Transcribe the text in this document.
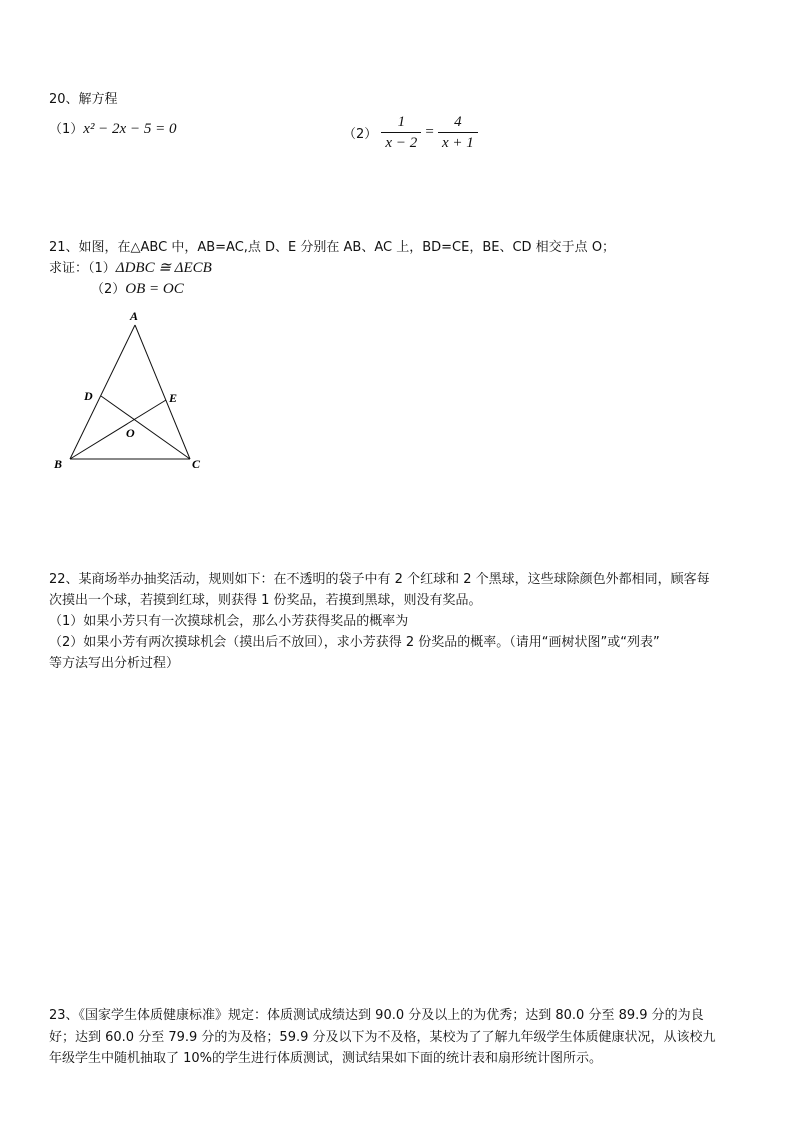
20、解方程
（1）x² − 2x − 5 = 0	$(2) \frac{1}{x - 2} = \frac{4}{x + 1}$
21、如图，在△ABC 中，AB=AC,点 D、E 分别在 AB、AC 上，BD=CE，BE、CD 相交于点 O；
求证：（1）ΔDBC ≅ ΔECB
（2）OB = OC
A
D	E
O
B	C
22、某商场举办抽奖活动，规则如下：在不透明的袋子中有 2 个红球和 2 个黑球，这些球除颜色外都相同，顾客每
次摸出一个球，若摸到红球，则获得 1 份奖品，若摸到黑球，则没有奖品。
（1）如果小芳只有一次摸球机会，那么小芳获得奖品的概率为
（2）如果小芳有两次摸球机会（摸出后不放回），求小芳获得 2 份奖品的概率。（请用“画树状图”或“列表”
等方法写出分析过程）
23、《国家学生体质健康标准》规定：体质测试成绩达到 90.0 分及以上的为优秀；达到 80.0 分至 89.9 分的为良
好；达到 60.0 分至 79.9 分的为及格；59.9 分及以下为不及格，某校为了了解九年级学生体质健康状况，从该校九
年级学生中随机抽取了 10%的学生进行体质测试，测试结果如下面的统计表和扇形统计图所示。
